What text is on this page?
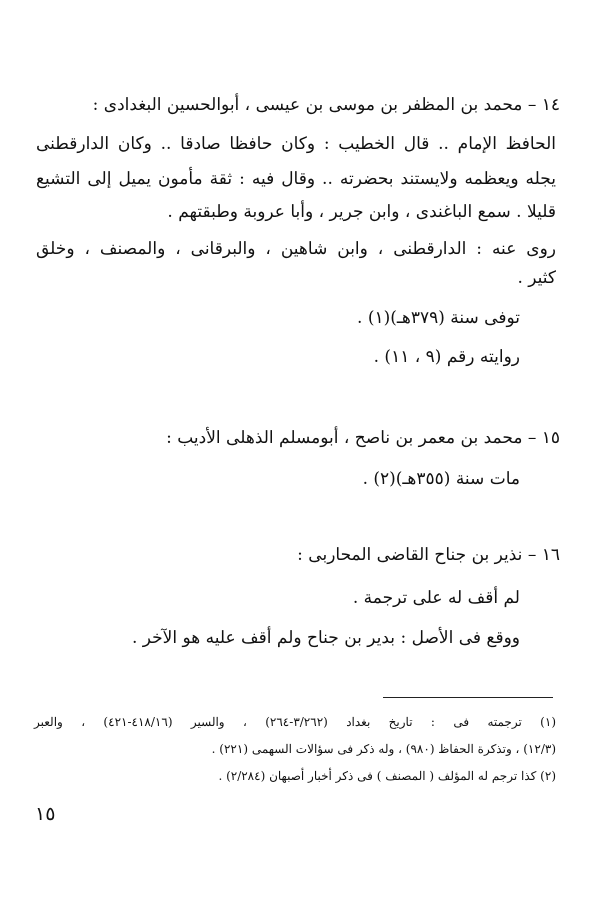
١٤ – محمد بن المظفر بن موسى بن عيسى ، أبوالحسين البغدادى :
الحافظ الإمام .. قال الخطيب : وكان حافظا صادقا .. وكان الدارقطنى
يجله ويعظمه ولايستند بحضرته .. وقال فيه : ثقة مأمون يميل إلى التشيع
قليلا . سمع الباغندى ، وابن جرير ، وأبا عروبة وطبقتهم .
روى عنه : الدارقطنى ، وابن شاهين ، والبرقانى ، والمصنف ، وخلق
كثير .
توفى سنة (٣٧٩هـ)(١) .
روايته رقم (٩ ، ١١) .
١٥ – محمد بن معمر بن ناصح ، أبومسلم الذهلى الأديب :
مات سنة (٣٥٥هـ)(٢) .
١٦ – نذير بن جناح القاضى المحاربى :
لم أقف له على ترجمة .
ووقع فى الأصل : بدير بن جناح ولم أقف عليه هو الآخر .
(١) ترجمته فى : تاريخ بغداد (٣/٢٦٢-٢٦٤) ، والسير (٤١٨/١٦-٤٢١) ، والعبر
(١٢/٣) ، وتذكرة الحفاظ (٩٨٠) ، وله ذكر فى سؤالات السهمى (٢٢١) .
(٢) كذا ترجم له المؤلف ( المصنف ) فى ذكر أخبار أصبهان (٢/٢٨٤) .
١٥
